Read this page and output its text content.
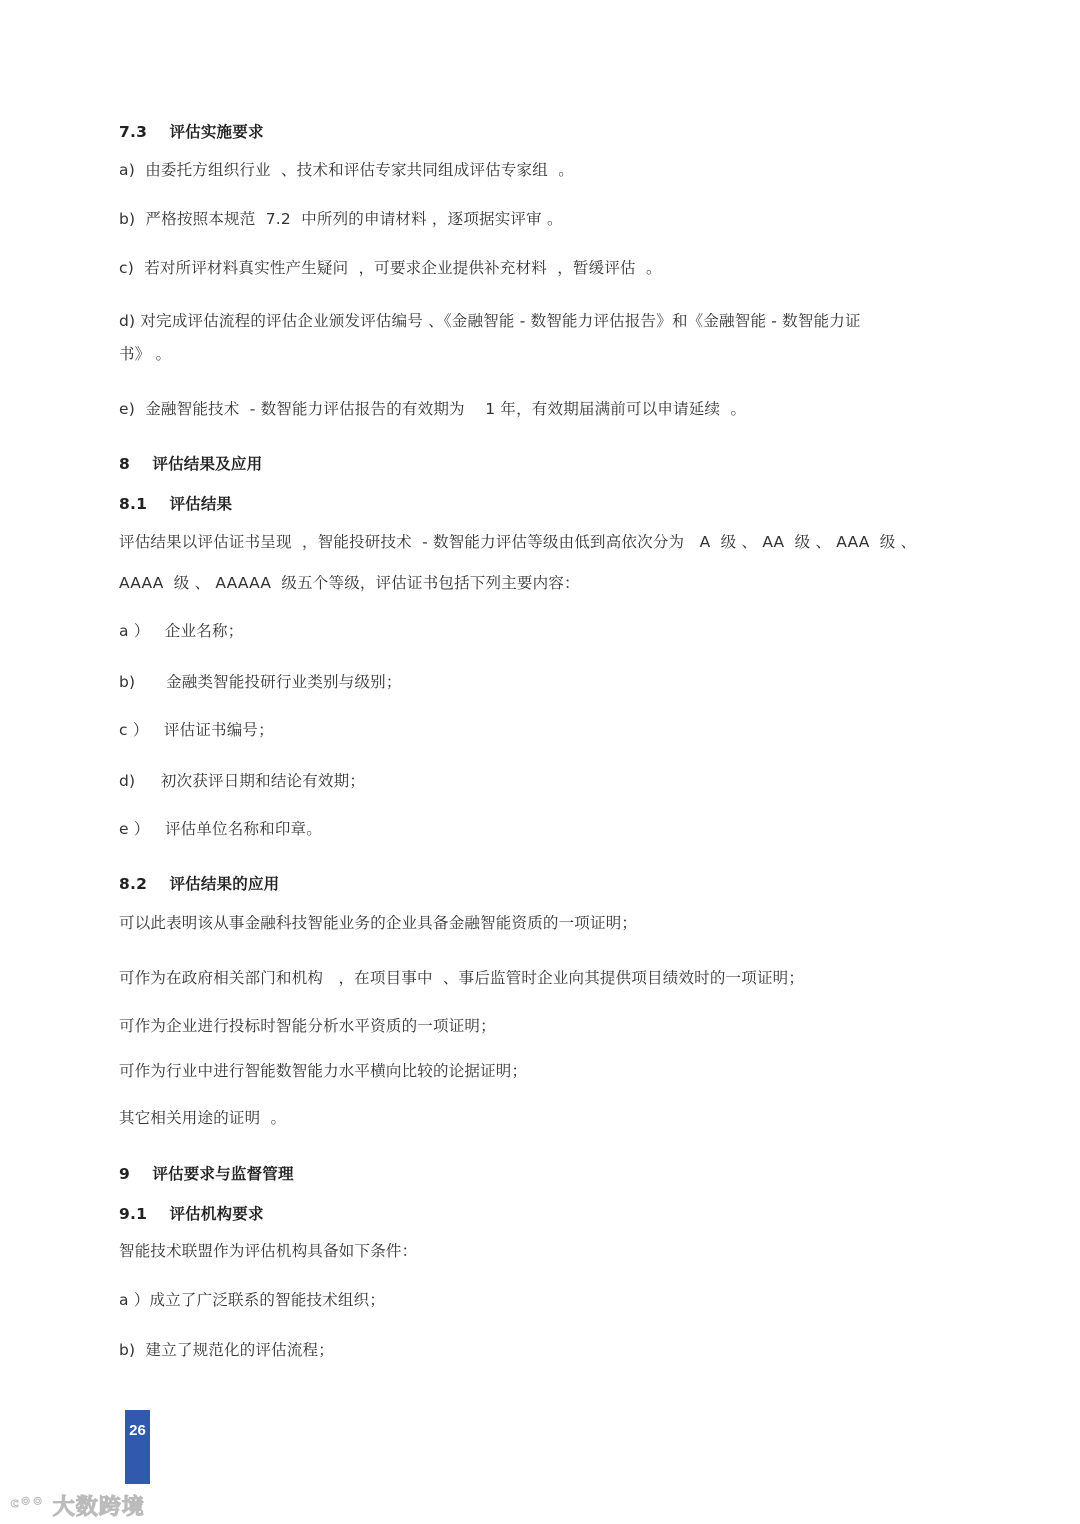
7.3    评估实施要求
a)  由委托方组织行业  、技术和评估专家共同组成评估专家组  。
b)  严格按照本规范  7.2  中所列的申请材料 ，逐项据实评审 。
c)  若对所评材料真实性产生疑问  ，可要求企业提供补充材料  ，暂缓评估  。
d) 对完成评估流程的评估企业颁发评估编号 、《金融智能 - 数智能力评估报告》和《金融智能 - 数智能力证
书》 。
e)  金融智能技术  - 数智能力评估报告的有效期为    1 年，有效期届满前可以申请延续  。
8    评估结果及应用
8.1    评估结果
评估结果以评估证书呈现  ，智能投研技术  - 数智能力评估等级由低到高依次分为   A  级 、 AA  级 、 AAA  级 、
AAAA  级 、 AAAAA  级五个等级，评估证书包括下列主要内容：
a ）   企业名称；
b)      金融类智能投研行业类别与级别；
c ）   评估证书编号；
d)     初次获评日期和结论有效期；
e ）   评估单位名称和印章。
8.2    评估结果的应用
可以此表明该从事金融科技智能业务的企业具备金融智能资质的一项证明；
可作为在政府相关部门和机构   ，在项目事中  、事后监管时企业向其提供项目绩效时的一项证明；
可作为企业进行投标时智能分析水平资质的一项证明；
可作为行业中进行智能数智能力水平横向比较的论据证明；
其它相关用途的证明  。
9    评估要求与监督管理
9.1    评估机构要求
智能技术联盟作为评估机构具备如下条件：
a ）成立了广泛联系的智能技术组织；
b)  建立了规范化的评估流程；
26
ᶜ°° 大数跨境
